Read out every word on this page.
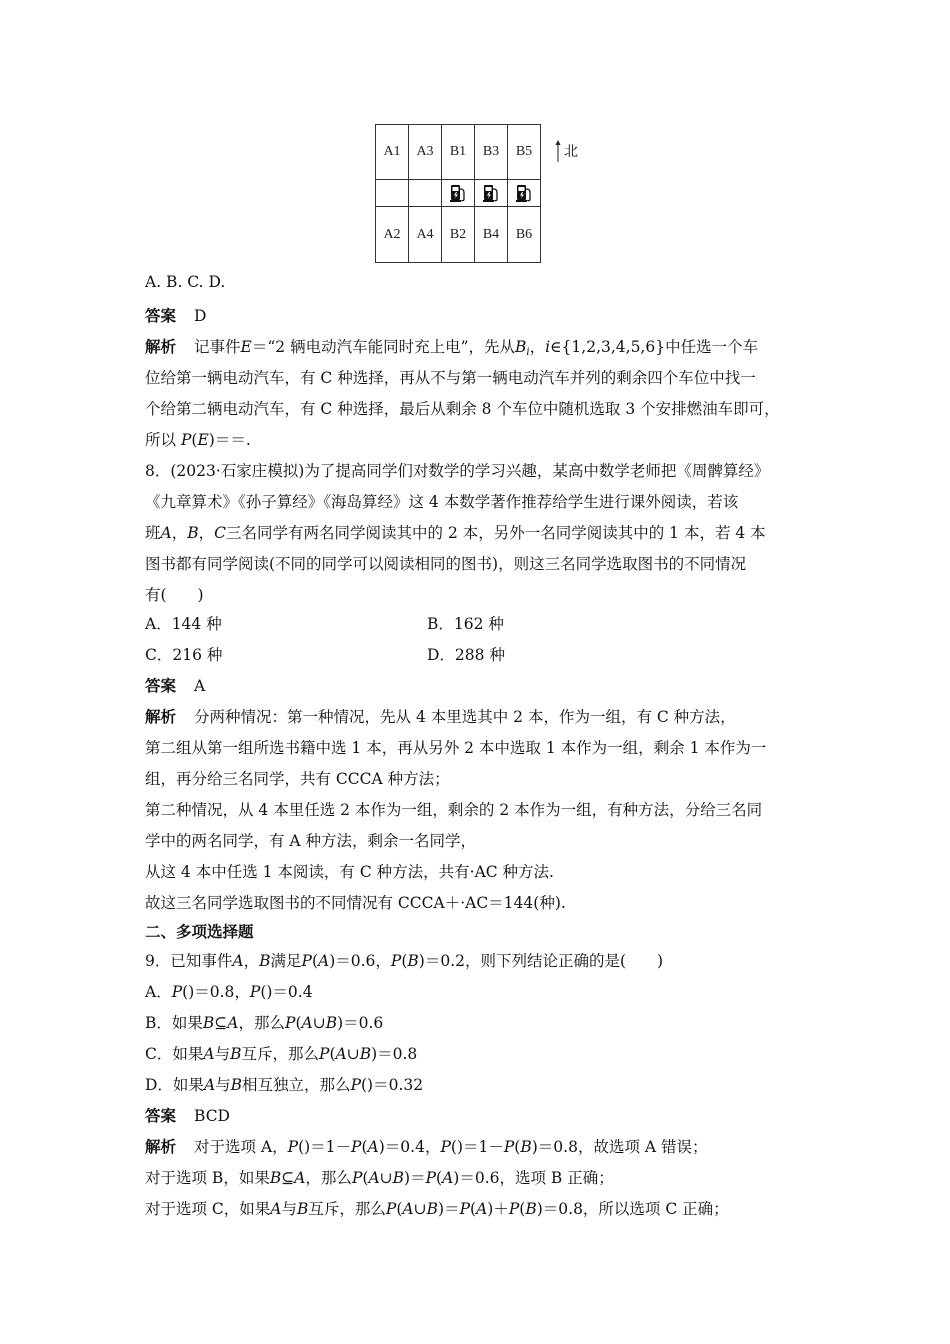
A1	A3	B1	B3	B5

A2	A4	B2	B4	B6
北
A. B. C. D.
答案 D
解析 记事件E＝“2 辆电动汽车能同时充上电”，先从$B_i$，i∈{1,2,3,4,5,6}中任选一个车
位给第一辆电动汽车，有 C 种选择，再从不与第一辆电动汽车并列的剩余四个车位中找一
个给第二辆电动汽车，有 C 种选择，最后从剩余 8 个车位中随机选取 3 个安排燃油车即可，
所以 P(E)＝＝.
8．(2023·石家庄模拟)为了提高同学们对数学的学习兴趣，某高中数学老师把《周髀算经》
《九章算术》《孙子算经》《海岛算经》这 4 本数学著作推荐给学生进行课外阅读，若该
班A，B，C三名同学有两名同学阅读其中的 2 本，另外一名同学阅读其中的 1 本，若 4 本
图书都有同学阅读(不同的同学可以阅读相同的图书)，则这三名同学选取图书的不同情况
有(　　)
A．144 种	B．162 种
C．216 种	D．288 种
答案 A
解析 分两种情况：第一种情况，先从 4 本里选其中 2 本，作为一组，有 C 种方法，
第二组从第一组所选书籍中选 1 本，再从另外 2 本中选取 1 本作为一组，剩余 1 本作为一
组，再分给三名同学，共有 CCCA 种方法；
第二种情况，从 4 本里任选 2 本作为一组，剩余的 2 本作为一组，有种方法，分给三名同
学中的两名同学，有 A 种方法，剩余一名同学，
从这 4 本中任选 1 本阅读，有 C 种方法，共有·AC 种方法.
故这三名同学选取图书的不同情况有 CCCA＋·AC＝144(种).
二、多项选择题
9．已知事件A，B满足P(A)＝0.6，P(B)＝0.2，则下列结论正确的是(　　)
A．P()＝0.8，P()＝0.4
B．如果B⊆A，那么P(A∪B)＝0.6
C．如果A与B互斥，那么P(A∪B)＝0.8
D．如果A与B相互独立，那么P()＝0.32
答案 BCD
解析 对于选项 A，P()＝1－P(A)＝0.4，P()＝1－P(B)＝0.8，故选项 A 错误；
对于选项 B，如果B⊆A，那么P(A∪B)＝P(A)＝0.6，选项 B 正确；
对于选项 C，如果A与B互斥，那么P(A∪B)＝P(A)＋P(B)＝0.8，所以选项 C 正确；
